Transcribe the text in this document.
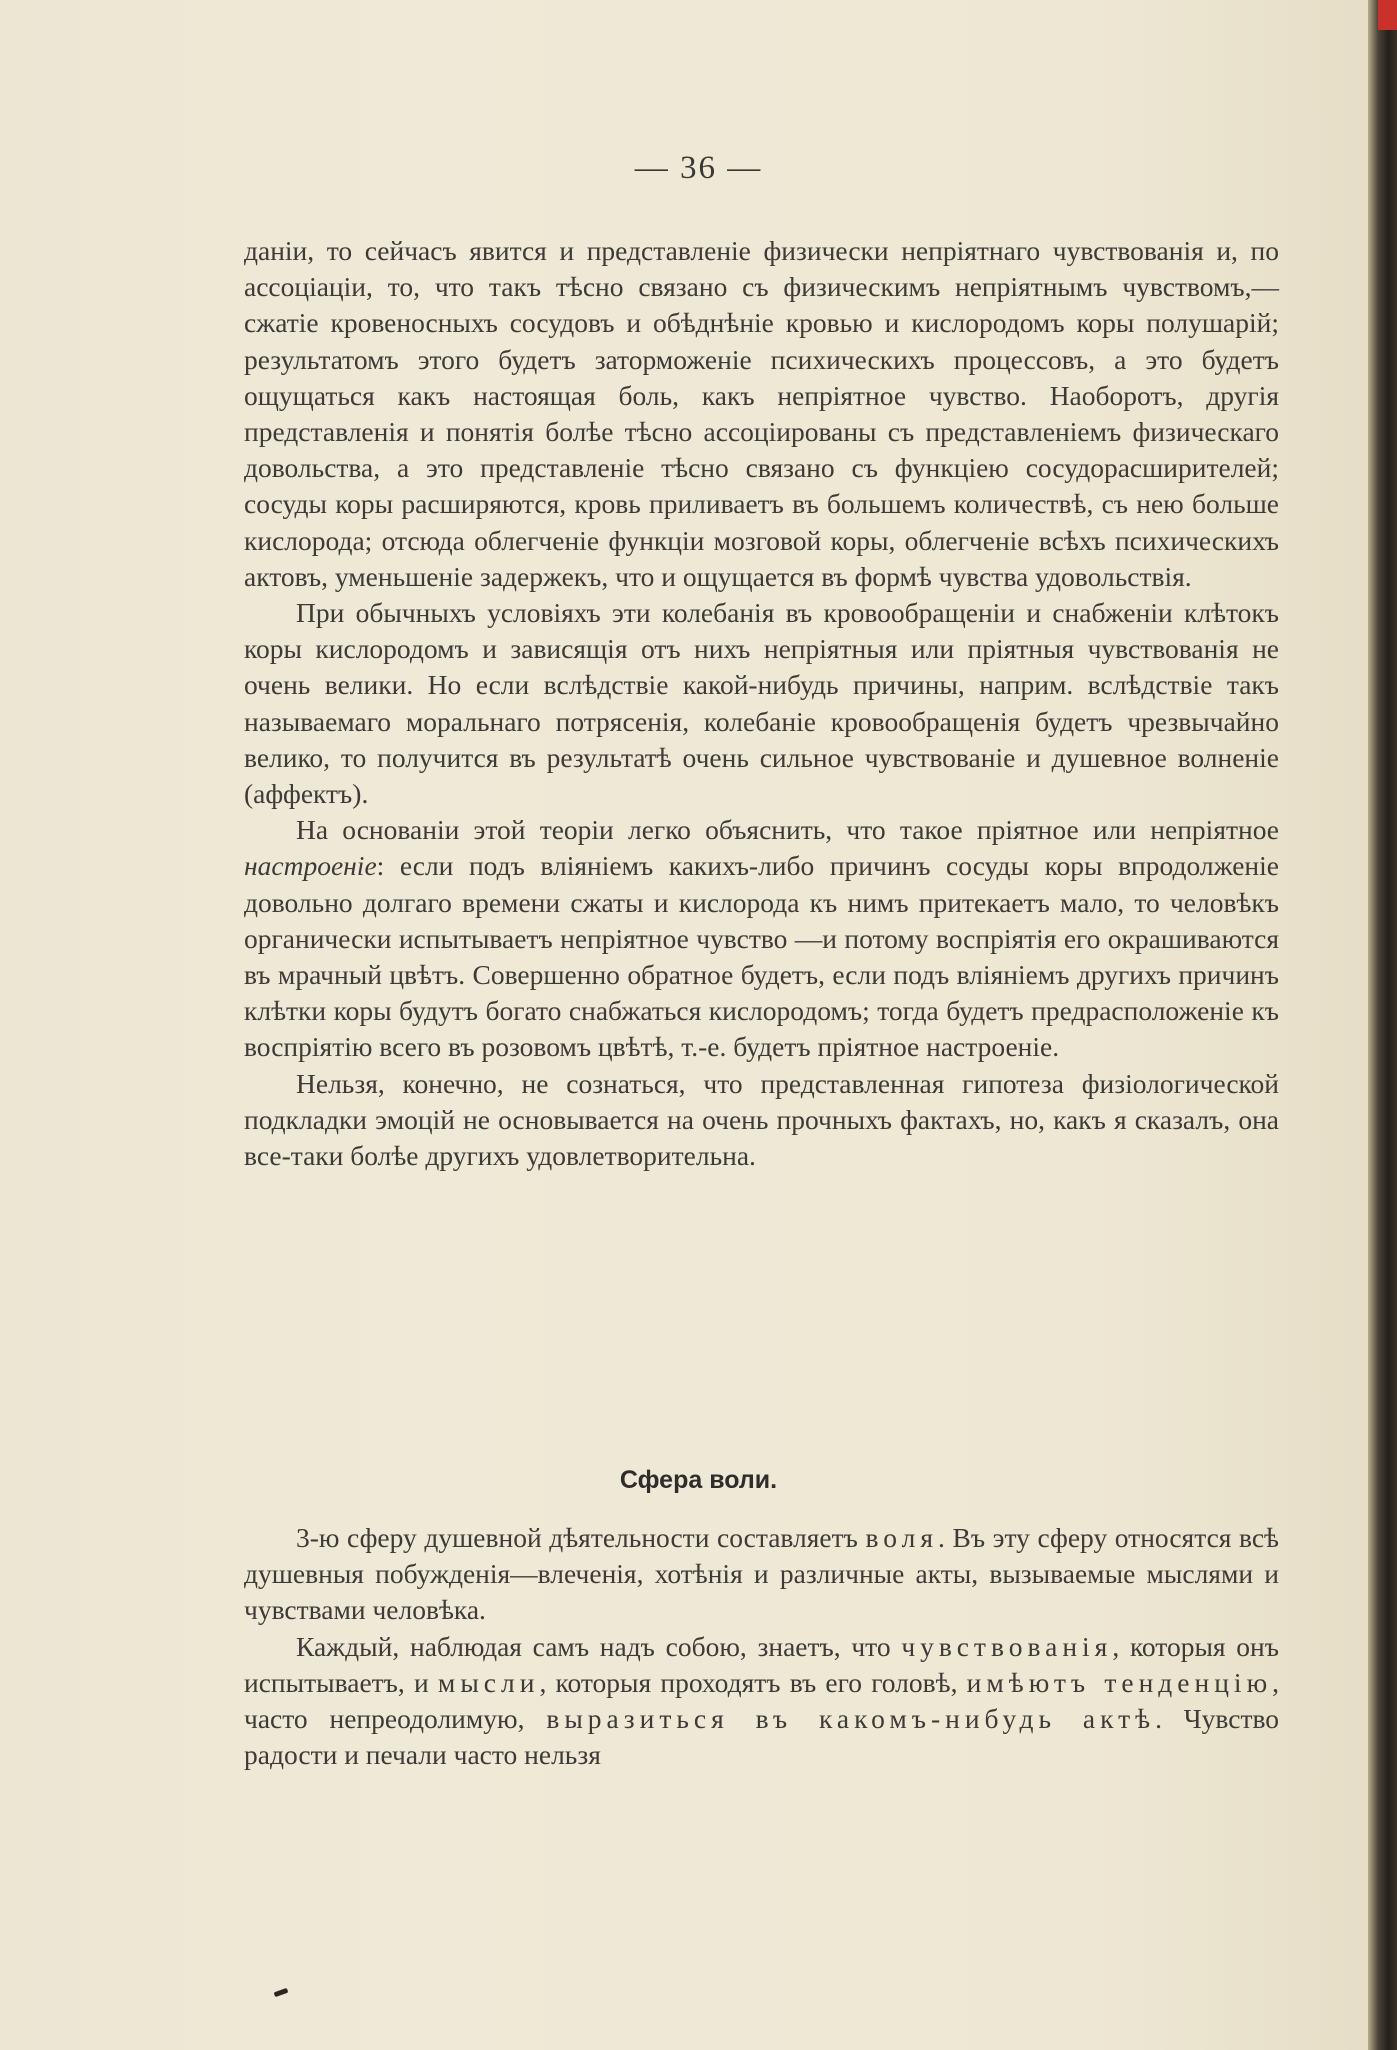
— 36 —

данiи, то сейчасъ явится и представленiе физически непрiятнаго чувствованiя и, по ассоцiацiи, то, что такъ тѣсно связано съ физическимъ непрiятнымъ чувствомъ,—сжатiе кровеносныхъ сосудовъ и обѣднѣнiе кровью и кислородомъ коры полушарiй; результатомъ этого будетъ заторможенiе психическихъ процессовъ, а это будетъ ощущаться какъ настоящая боль, какъ непрiятное чувство. Наоборотъ, другiя представленiя и понятiя болѣе тѣсно ассоцiированы съ представленiемъ физическаго довольства, а это представленiе тѣсно связано съ функцiею сосудорасширителей; сосуды коры расширяются, кровь приливаетъ въ большемъ количествѣ, съ нею больше кислорода; отсюда облегченiе функцiи мозговой коры, облегченiе всѣхъ психическихъ актовъ, уменьшенiе задержекъ, что и ощущается въ формѣ чувства удовольствiя.

При обычныхъ условiяхъ эти колебанiя въ кровообращенiи и снабженiи клѣтокъ коры кислородомъ и зависящiя отъ нихъ непрiятныя или прiятныя чувствованiя не очень велики. Но если вслѣдствiе какой-нибудь причины, наприм. вслѣдствiе такъ называемаго моральнаго потрясенiя, колебанiе кровообращенiя будетъ чрезвычайно велико, то получится въ результатѣ очень сильное чувствованiе и душевное волненiе (аффектъ).

На основанiи этой теорiи легко объяснить, что такое прiятное или непрiятное настроенiе: если подъ влiянiемъ какихъ-либо причинъ сосуды коры впродолженiе довольно долгаго времени сжаты и кислорода къ нимъ притекаетъ мало, то человѣкъ органически испытываетъ непрiятное чувство —и потому воспрiятiя его окрашиваются въ мрачный цвѣтъ. Совершенно обратное будетъ, если подъ влiянiемъ другихъ причинъ клѣтки коры будутъ богато снабжаться кислородомъ; тогда будетъ предрасположенiе къ воспрiятiю всего въ розовомъ цвѣтѣ, т.-е. будетъ прiятное настроенiе.

Нельзя, конечно, не сознаться, что представленная гипотеза физiологической подкладки эмоцiй не основывается на очень прочныхъ фактахъ, но, какъ я сказалъ, она все-таки болѣе другихъ удовлетворительна.

Сфера воли.

3-ю сферу душевной дѣятельности составляетъ воля. Въ эту сферу относятся всѣ душевныя побужденiя—влеченiя, хотѣнiя и различные акты, вызываемые мыслями и чувствами человѣка.

Каждый, наблюдая самъ надъ собою, знаетъ, что чувствованiя, которыя онъ испытываетъ, и мысли, которыя проходятъ въ его головѣ, имѣютъ тенденцiю, часто непреодолимую, выразиться въ какомъ-нибудь актѣ. Чувство радости и печали часто нельзя
